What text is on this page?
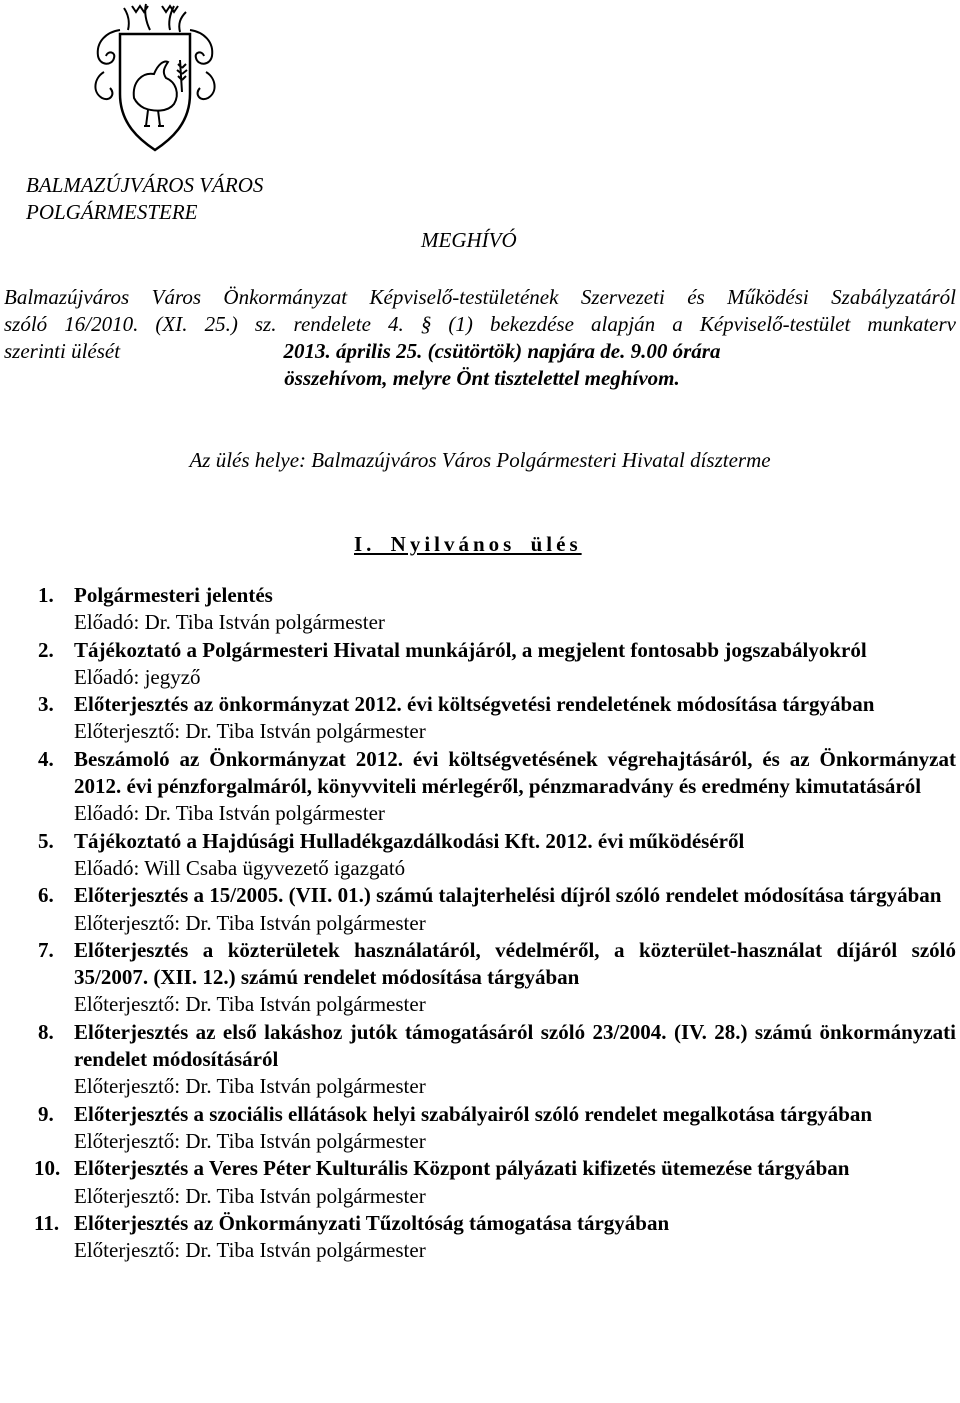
BALMAZÚJVÁROS VÁROS
POLGÁRMESTERE
MEGHÍVÓ
Balmazújváros Város Önkormányzat Képviselő-testületének Szervezeti és Működési Szabályzatáról
szóló 16/2010. (XI. 25.) sz. rendelete 4. § (1) bekezdése alapján a Képviselő-testület munkaterv
szerinti ülését	2013. április 25. (csütörtök) napjára de. 9.00 órára
összehívom, melyre Önt tisztelettel meghívom.
Az ülés helye: Balmazújváros Város Polgármesteri Hivatal díszterme
I. Nyilvános ülés
1. Polgármesteri jelentés
Előadó: Dr. Tiba István polgármester
2. Tájékoztató a Polgármesteri Hivatal munkájáról, a megjelent fontosabb jogszabályokról
Előadó: jegyző
3. Előterjesztés az önkormányzat 2012. évi költségvetési rendeletének módosítása tárgyában
Előterjesztő: Dr. Tiba István polgármester
4. Beszámoló az Önkormányzat 2012. évi költségvetésének végrehajtásáról, és az Önkormányzat 2012. évi pénzforgalmáról, könyvviteli mérlegéről, pénzmaradvány és eredmény kimutatásáról
Előadó: Dr. Tiba István polgármester
5. Tájékoztató a Hajdúsági Hulladékgazdálkodási Kft. 2012. évi működéséről
Előadó: Will Csaba ügyvezető igazgató
6. Előterjesztés a 15/2005. (VII. 01.) számú talajterhelési díjról szóló rendelet módosítása tárgyában
Előterjesztő: Dr. Tiba István polgármester
7. Előterjesztés a közterületek használatáról, védelméről, a közterület-használat díjáról szóló 35/2007. (XII. 12.) számú rendelet módosítása tárgyában
Előterjesztő: Dr. Tiba István polgármester
8. Előterjesztés az első lakáshoz jutók támogatásáról szóló 23/2004. (IV. 28.) számú önkormányzati rendelet módosításáról
Előterjesztő: Dr. Tiba István polgármester
9. Előterjesztés a szociális ellátások helyi szabályairól szóló rendelet megalkotása tárgyában
Előterjesztő: Dr. Tiba István polgármester
10. Előterjesztés a Veres Péter Kulturális Központ pályázati kifizetés ütemezése tárgyában
Előterjesztő: Dr. Tiba István polgármester
11. Előterjesztés az Önkormányzati Tűzoltóság támogatása tárgyában
Előterjesztő: Dr. Tiba István polgármester
